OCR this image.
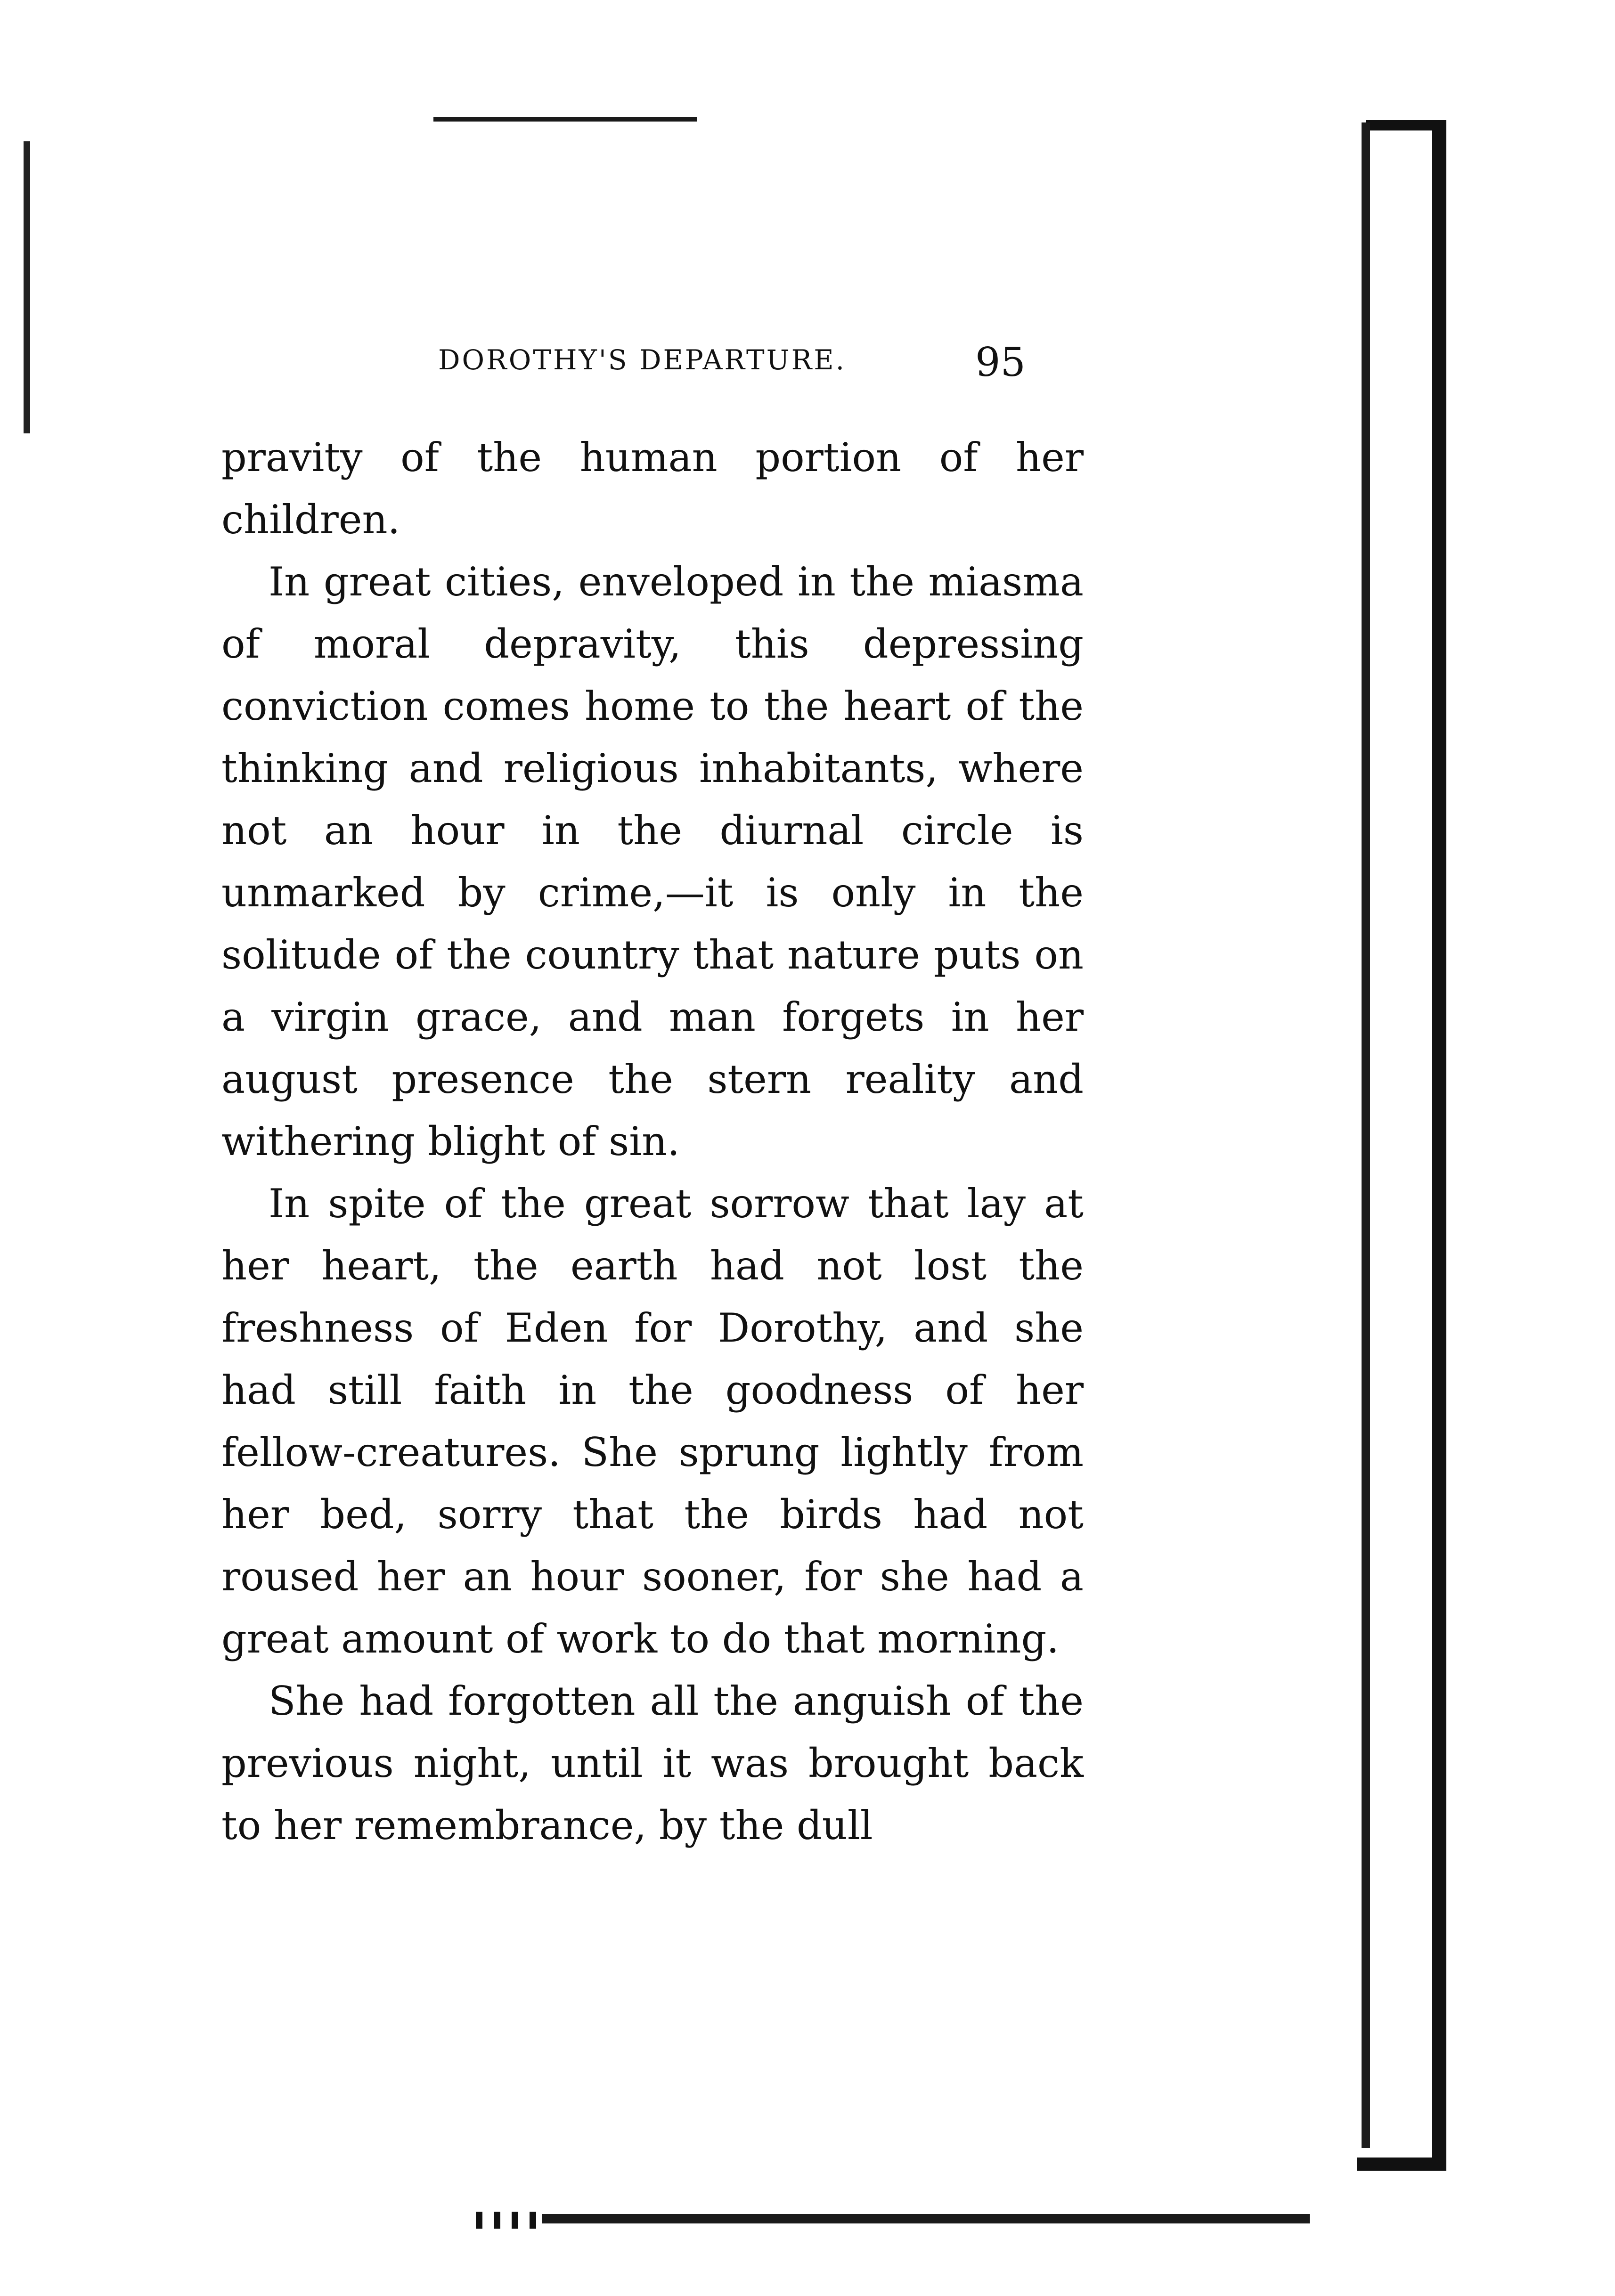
DOROTHY'S DEPARTURE.	95

pravity of the human portion of her children.

In great cities, enveloped in the miasma of moral depravity, this depressing conviction comes home to the heart of the thinking and religious inhabitants, where not an hour in the diurnal circle is unmarked by crime,—it is only in the solitude of the country that nature puts on a virgin grace, and man forgets in her august presence the stern reality and withering blight of sin.

In spite of the great sorrow that lay at her heart, the earth had not lost the freshness of Eden for Dorothy, and she had still faith in the goodness of her fellow-creatures. She sprung lightly from her bed, sorry that the birds had not roused her an hour sooner, for she had a great amount of work to do that morning.

She had forgotten all the anguish of the previous night, until it was brought back to her remembrance, by the dull
